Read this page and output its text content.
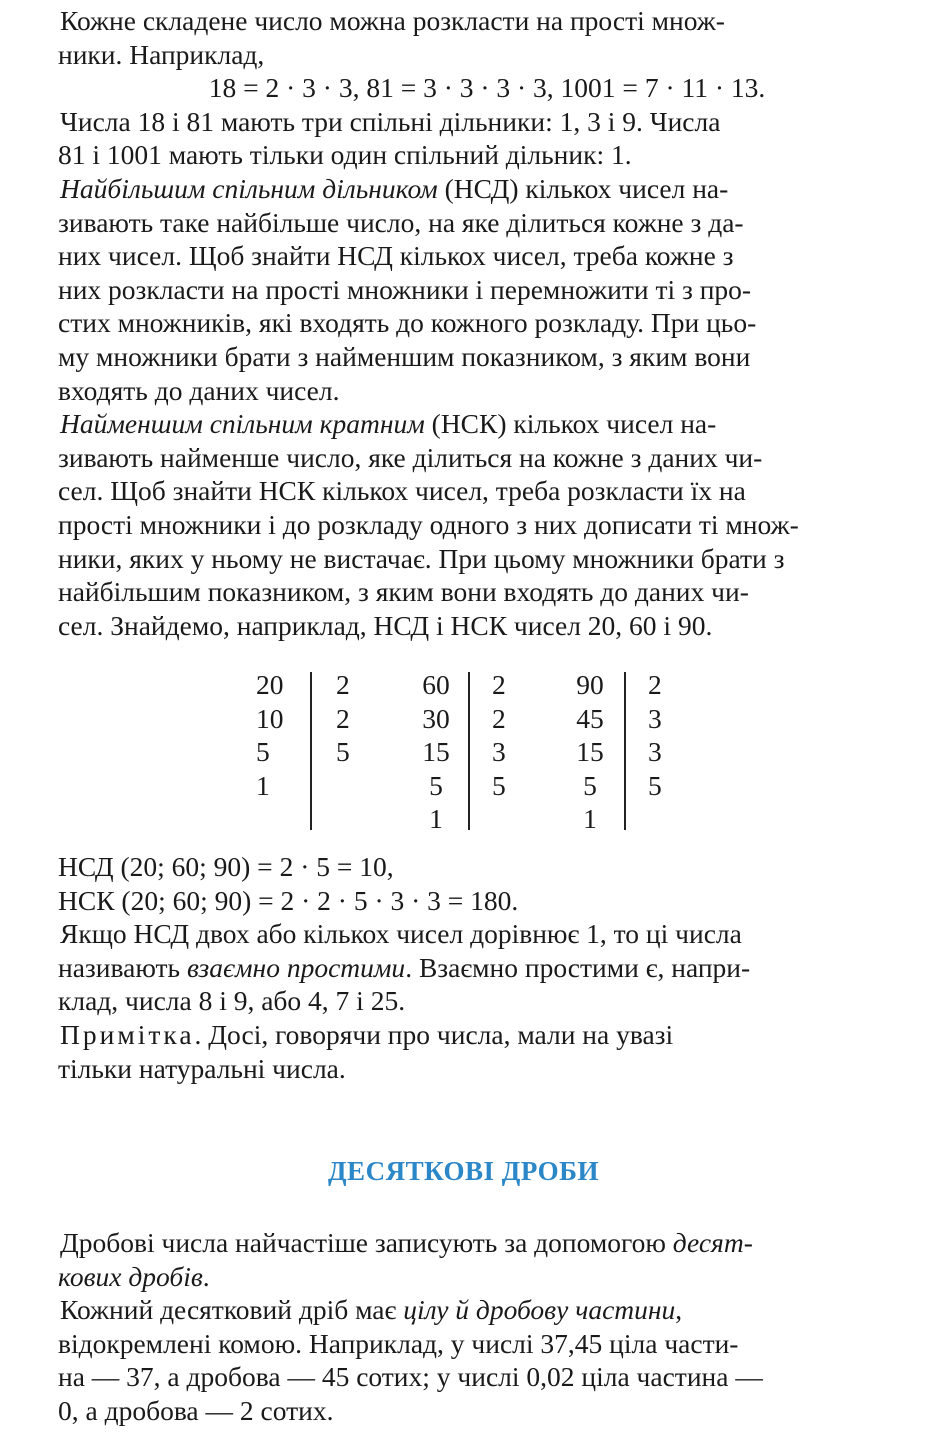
Кожне складене число можна розкласти на прості множ-
ники. Наприклад,
18 = 2 · 3 · 3, 81 = 3 · 3 · 3 · 3, 1001 = 7 · 11 · 13.
Числа 18 і 81 мають три спільні дільники: 1, 3 і 9. Числа
81 і 1001 мають тільки один спільний дільник: 1.
Найбільшим спільним дільником (НСД) кількох чисел на-
зивають таке найбільше число, на яке ділиться кожне з да-
них чисел. Щоб знайти НСД кількох чисел, треба кожне з
них розкласти на прості множники і перемножити ті з про-
стих множників, які входять до кожного розкладу. При цьо-
му множники брати з найменшим показником, з яким вони
входять до даних чисел.
Найменшим спільним кратним (НСК) кількох чисел на-
зивають найменше число, яке ділиться на кожне з даних чи-
сел. Щоб знайти НСК кількох чисел, треба розкласти їх на
прості множники і до розкладу одного з них дописати ті множ-
ники, яких у ньому не вистачає. При цьому множники брати з
найбільшим показником, з яким вони входять до даних чи-
сел. Знайдемо, наприклад, НСД і НСК чисел 20, 60 і 90.
20
10
5
1
2
2
5
60
30
15
5
1
2
2
3
5
90
45
15
5
1
2
3
3
5
НСД (20; 60; 90) = 2 · 5 = 10,
НСК (20; 60; 90) = 2 · 2 · 5 · 3 · 3 = 180.
Якщо НСД двох або кількох чисел дорівнює 1, то ці числа
називають взаємно простими. Взаємно простими є, напри-
клад, числа 8 і 9, або 4, 7 і 25.
Примітка. Досі, говорячи про числа, мали на увазі
тільки натуральні числа.
ДЕСЯТКОВІ ДРОБИ
Дробові числа найчастіше записують за допомогою десят-
кових дробів.
Кожний десятковий дріб має цілу й дробову частини,
відокремлені комою. Наприклад, у числі 37,45 ціла части-
на — 37, а дробова — 45 сотих; у числі 0,02 ціла частина —
0, а дробова — 2 сотих.
